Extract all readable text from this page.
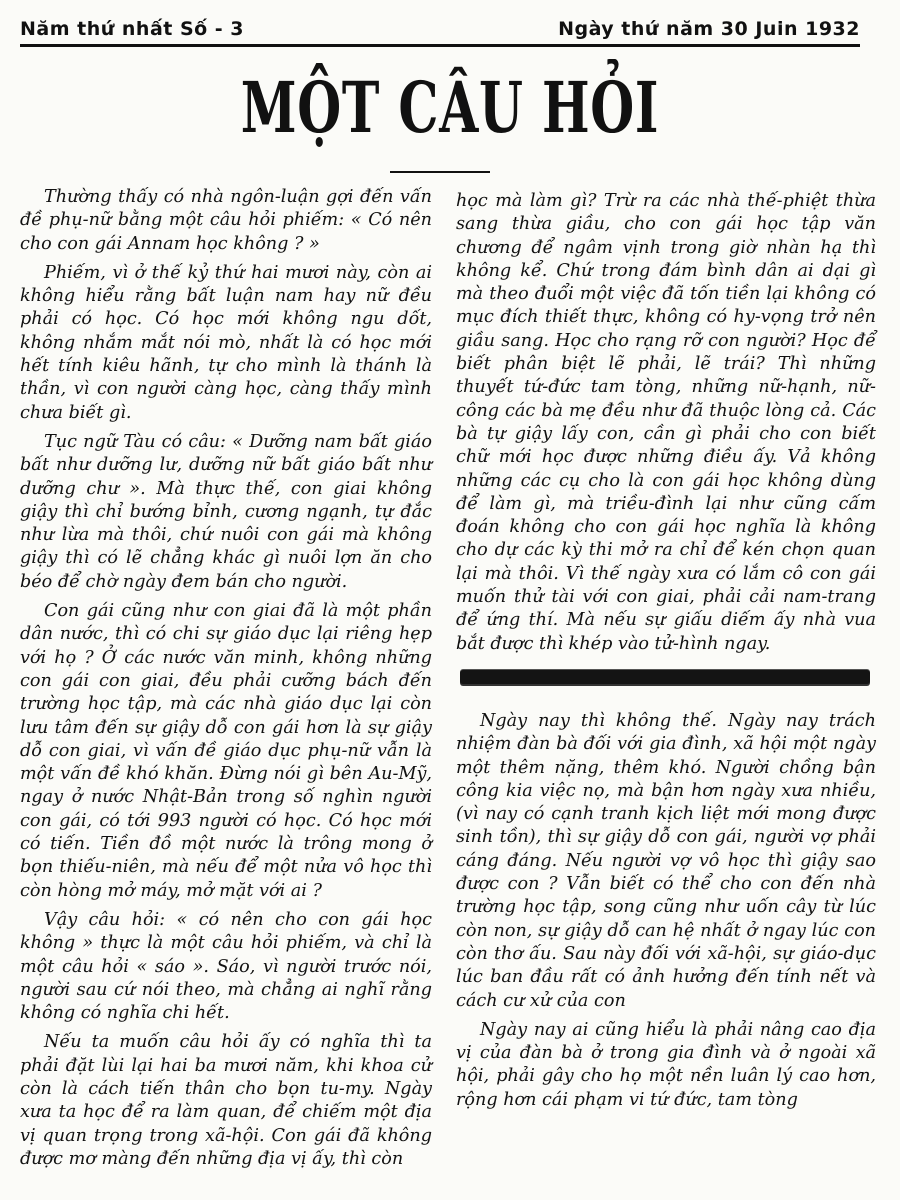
Năm thứ nhất Số - 3	Ngày thứ năm 30 Juin 1932
MỘT CÂU HỎI

Thường thấy có nhà ngôn-luận gợi đến vấn đề phụ-nữ bằng một câu hỏi phiếm: « Có nên cho con gái Annam học không ? »

Phiếm, vì ở thế kỷ thứ hai mươi này, còn ai không hiểu rằng bất luận nam hay nữ đều phải có học. Có học mới không ngu dốt, không nhắm mắt nói mò, nhất là có học mới hết tính kiêu hãnh, tự cho mình là thánh là thần, vì con người càng học, càng thấy mình chưa biết gì.

Tục ngữ Tàu có câu: « Dưỡng nam bất giáo bất như dưỡng lư, dưỡng nữ bất giáo bất như dưỡng chư ». Mà thực thế, con giai không giậy thì chỉ bướng bỉnh, cương ngạnh, tự đắc như lừa mà thôi, chứ nuôi con gái mà không giậy thì có lẽ chẳng khác gì nuôi lợn ăn cho béo để chờ ngày đem bán cho người.

Con gái cũng như con giai đã là một phần dân nước, thì có chi sự giáo dục lại riêng hẹp với họ ? Ở các nước văn minh, không những con gái con giai, đều phải cưỡng bách đến trường học tập, mà các nhà giáo dục lại còn lưu tâm đến sự giậy dỗ con gái hơn là sự giậy dỗ con giai, vì vấn đề giáo dục phụ-nữ vẫn là một vấn đề khó khăn. Đừng nói gì bên Au-Mỹ, ngay ở nước Nhật-Bản trong số nghìn người con gái, có tới 993 người có học. Có học mới có tiến. Tiền đồ một nước là trông mong ở bọn thiếu-niên, mà nếu để một nửa vô học thì còn hòng mở máy, mở mặt với ai ?

Vậy câu hỏi: « có nên cho con gái học không » thực là một câu hỏi phiếm, và chỉ là một câu hỏi « sáo ». Sáo, vì người trước nói, người sau cứ nói theo, mà chẳng ai nghĩ rằng không có nghĩa chi hết.

Nếu ta muốn câu hỏi ấy có nghĩa thì ta phải đặt lùi lại hai ba mươi năm, khi khoa cử còn là cách tiến thân cho bọn tu-my. Ngày xưa ta học để ra làm quan, để chiếm một địa vị quan trọng trong xã-hội. Con gái đã không được mơ màng đến những địa vị ấy, thì còn

học mà làm gì? Trừ ra các nhà thế-phiệt thừa sang thừa giầu, cho con gái học tập văn chương để ngâm vịnh trong giờ nhàn hạ thì không kể. Chứ trong đám bình dân ai dại gì mà theo đuổi một việc đã tốn tiền lại không có mục đích thiết thực, không có hy-vọng trở nên giầu sang. Học cho rạng rỡ con người? Học để biết phân biệt lẽ phải, lẽ trái? Thì những thuyết tứ-đức tam tòng, những nữ-hạnh, nữ-công các bà mẹ đều như đã thuộc lòng cả. Các bà tự giậy lấy con, cần gì phải cho con biết chữ mới học được những điều ấy. Vả không những các cụ cho là con gái học không dùng để làm gì, mà triều-đình lại như cũng cấm đoán không cho con gái học nghĩa là không cho dự các kỳ thi mở ra chỉ để kén chọn quan lại mà thôi. Vì thế ngày xưa có lắm cô con gái muốn thử tài với con giai, phải cải nam-trang để ứng thí. Mà nếu sự giấu diếm ấy nhà vua bắt được thì khép vào tử-hình ngay.

Ngày nay thì không thế. Ngày nay trách nhiệm đàn bà đối với gia đình, xã hội một ngày một thêm nặng, thêm khó. Người chồng bận công kia việc nọ, mà bận hơn ngày xưa nhiều, (vì nay có cạnh tranh kịch liệt mới mong được sinh tồn), thì sự giậy dỗ con gái, người vợ phải cáng đáng. Nếu người vợ vô học thì giậy sao được con ? Vẫn biết có thể cho con đến nhà trường học tập, song cũng như uốn cây từ lúc còn non, sự giậy dỗ can hệ nhất ở ngay lúc con còn thơ ấu. Sau này đối với xã-hội, sự giáo-dục lúc ban đầu rất có ảnh hưởng đến tính nết và cách cư xử của con

Ngày nay ai cũng hiểu là phải nâng cao địa vị của đàn bà ở trong gia đình và ở ngoài xã hội, phải gây cho họ một nền luân lý cao hơn, rộng hơn cái phạm vi tứ đức, tam tòng
